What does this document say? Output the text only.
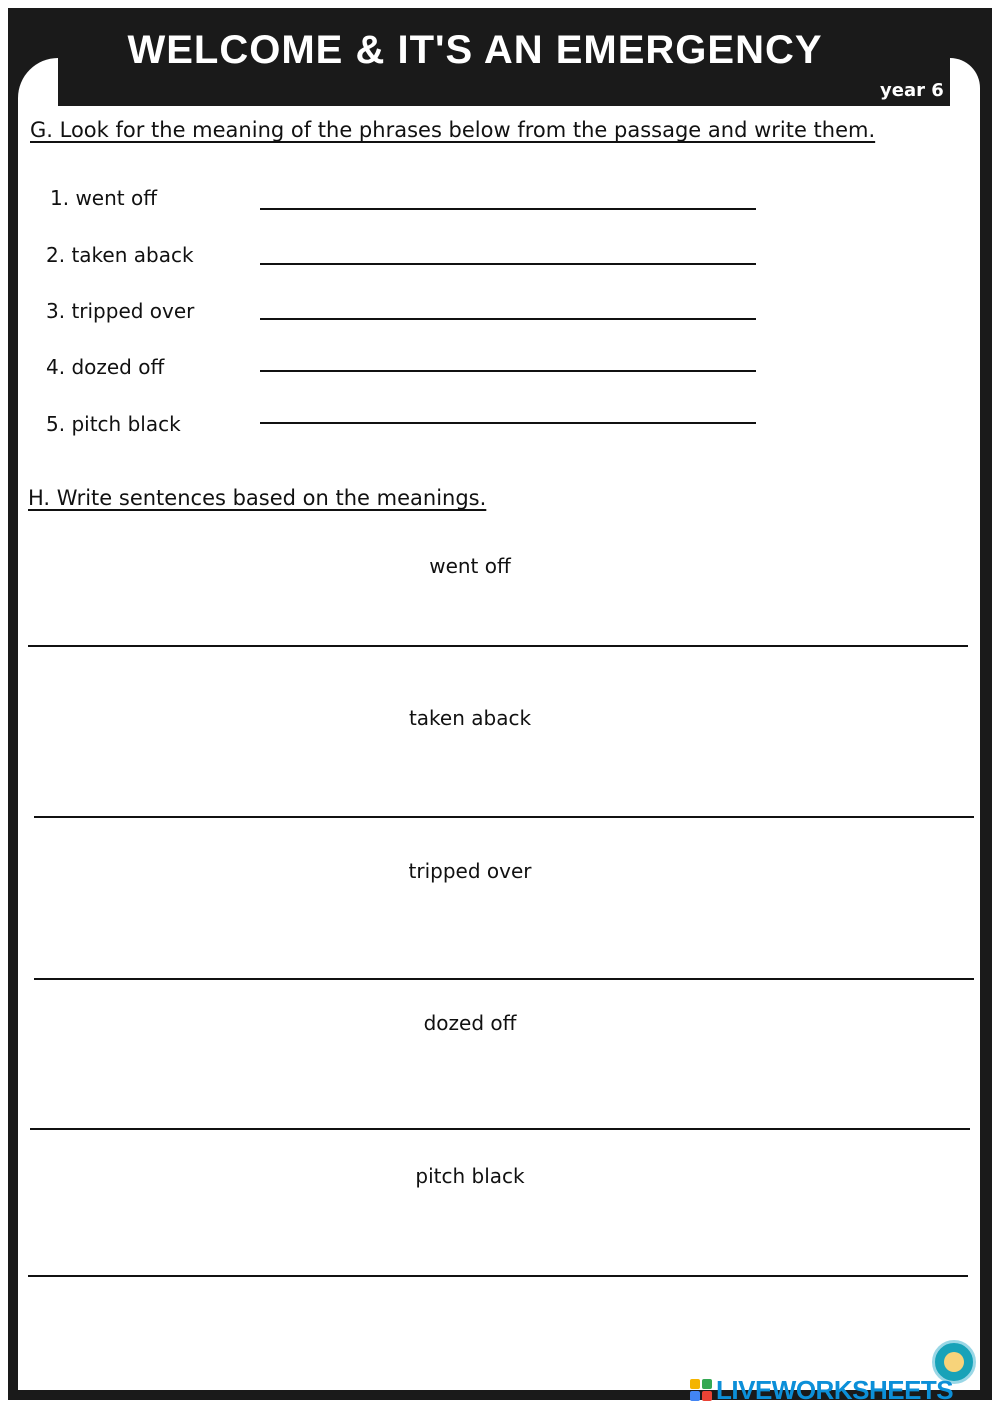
WELCOME & IT'S AN EMERGENCY
year 6
G. Look for the meaning of the phrases below from the passage and write them.
1. went off
2. taken aback
3. tripped over
4. dozed off
5. pitch black
H. Write sentences based on the meanings.
went off
taken aback
tripped over
dozed off
pitch black
LIVEWORKSHEETS
